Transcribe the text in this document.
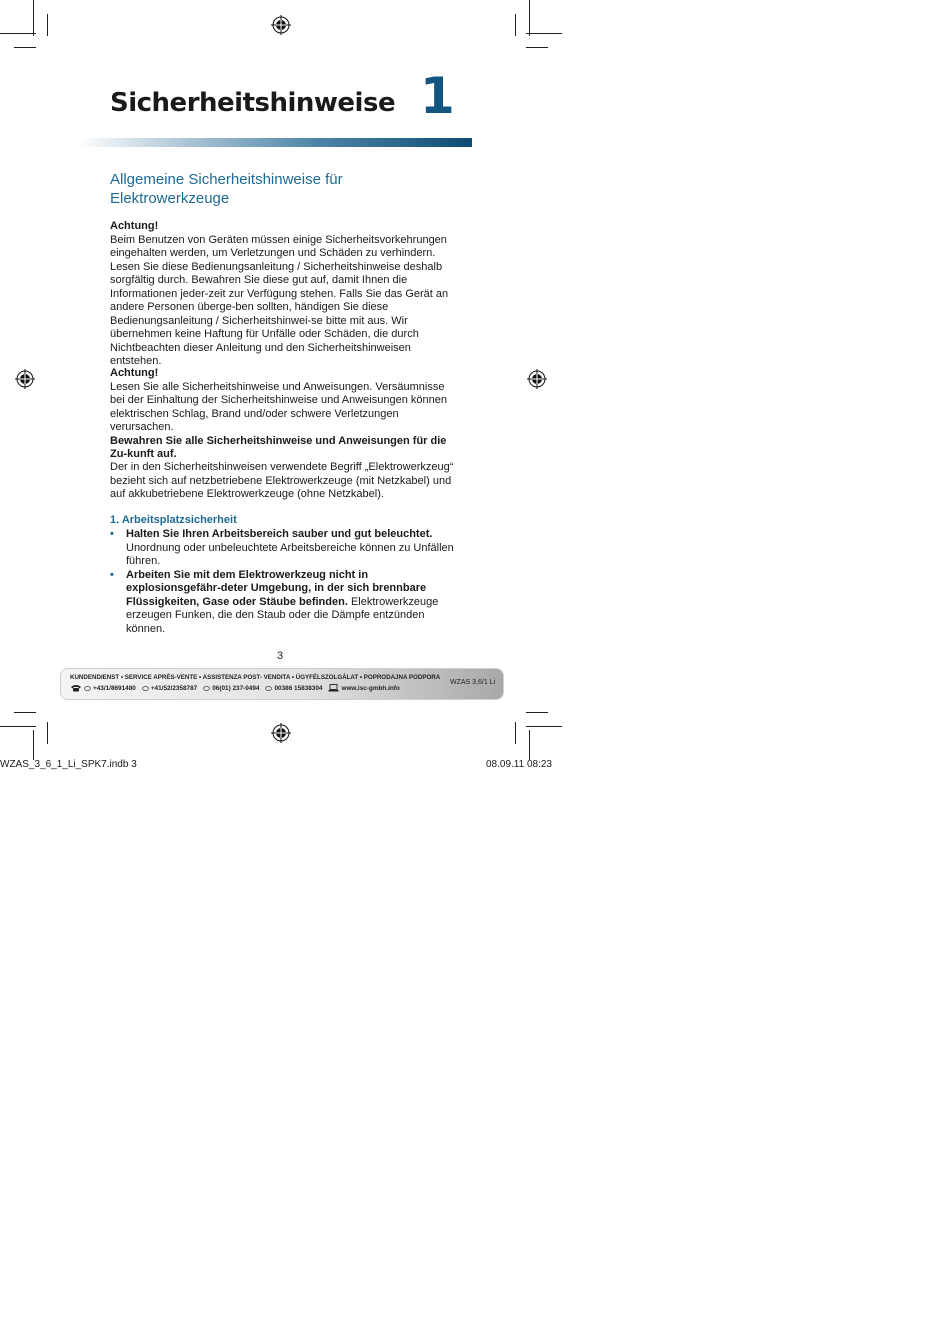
Sicherheitshinweise 1
Allgemeine Sicherheitshinweise für Elektrowerkzeuge

Achtung!

Beim Benutzen von Geräten müssen einige Sicherheitsvorkehrungen eingehalten werden, um Verletzungen und Schäden zu verhindern. Lesen Sie diese Bedienungsanleitung / Sicherheitshinweise deshalb sorgfältig durch. Bewahren Sie diese gut auf, damit Ihnen die Informationen jeder-zeit zur Verfügung stehen. Falls Sie das Gerät an andere Personen überge-ben sollten, händigen Sie diese Bedienungsanleitung / Sicherheitshinwei-se bitte mit aus. Wir übernehmen keine Haftung für Unfälle oder Schäden, die durch Nichtbeachten dieser Anleitung und den Sicherheitshinweisen entstehen.

Achtung!

Lesen Sie alle Sicherheitshinweise und Anweisungen. Versäumnisse bei der Einhaltung der Sicherheitshinweise und Anweisungen können elektrischen Schlag, Brand und/oder schwere Verletzungen verursachen.

Bewahren Sie alle Sicherheitshinweise und Anweisungen für die Zu-kunft auf.

Der in den Sicherheitshinweisen verwendete Begriff „Elektrowerkzeug“ bezieht sich auf netzbetriebene Elektrowerkzeuge (mit Netzkabel) und auf akkubetriebene Elektrowerkzeuge (ohne Netzkabel).

1. Arbeitsplatzsicherheit

• Halten Sie Ihren Arbeitsbereich sauber und gut beleuchtet. Unordnung oder unbeleuchtete Arbeitsbereiche können zu Unfällen führen.

• Arbeiten Sie mit dem Elektrowerkzeug nicht in explosionsgefähr-deter Umgebung, in der sich brennbare Flüssigkeiten, Gase oder Stäube befinden. Elektrowerkzeuge erzeugen Funken, die den Staub oder die Dämpfe entzünden können.

3
KUNDENDIENST • SERVICE APRÈS-VENTE • ASSISTENZA POST- VENDITA • ÜGYFÉLSZOLGÁLAT • POPRODAJNA PODPORA
+43/1/8691480 +41/52/2358787 06(01) 237-0494 00386 15838304	www.isc-gmbh.info
WZAS 3,6/1 Li
WZAS_3_6_1_Li_SPK7.indb 3	08.09.11 08:23
